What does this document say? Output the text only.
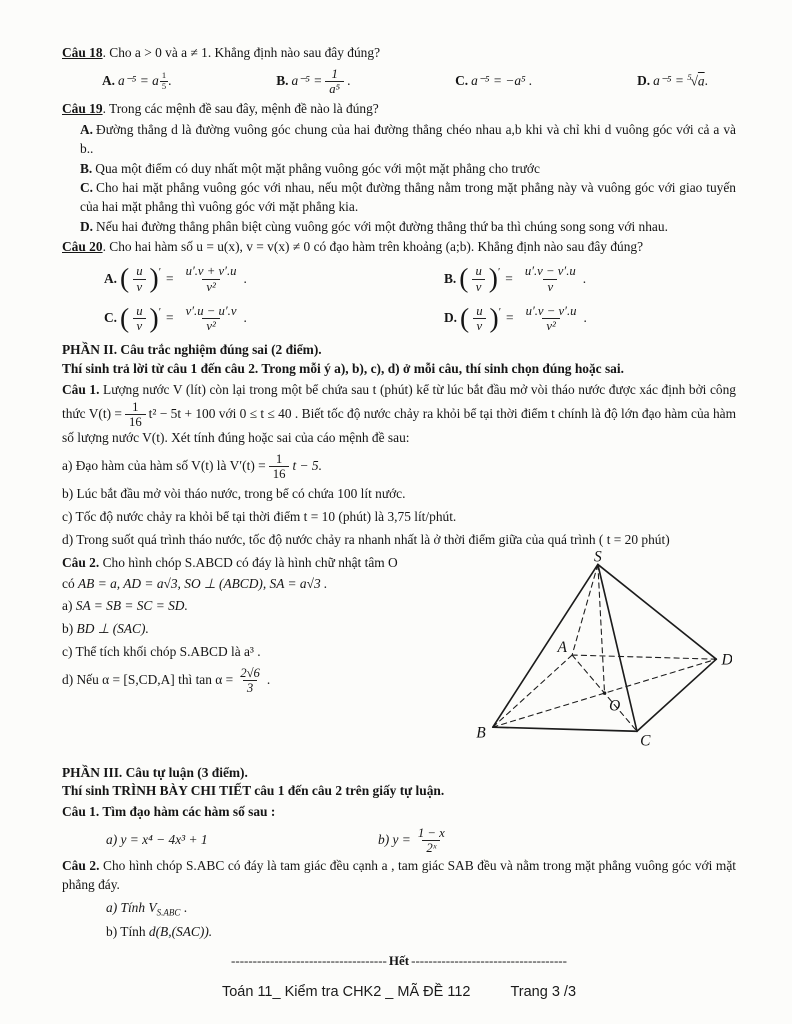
Câu 18. Cho a > 0 và a ≠ 1. Khẳng định nào sau đây đúng?

A. a⁻⁵ = a $\frac{1}{5}$ .	B. $a^{-5} = \frac{1}{\text{a⁵}}$ .	C. a⁻⁵ = −a⁵ .	D. a⁻⁵ =
$^5$√a .

Câu 19. Trong các mệnh đề sau đây, mệnh đề nào là đúng?

A. Đường thẳng d là đường vuông góc chung của hai đường thẳng chéo nhau a,b khi và chỉ khi d vuông góc với cả a và b..

B. Qua một điểm có duy nhất một mặt phẳng vuông góc với một mặt phẳng cho trước

C. Cho hai mặt phẳng vuông góc với nhau, nếu một đường thẳng nằm trong mặt phẳng này và vuông góc với giao tuyến của hai mặt phẳng thì vuông góc với mặt phẳng kia.

D. Nếu hai đường thẳng phân biệt cùng vuông góc với một đường thẳng thứ ba thì chúng song song với nhau.

Câu 20. Cho hai hàm số u = u(x), v = v(x) ≠ 0 có đạo hàm trên khoảng (a;b). Khẳng định nào sau đây đúng?

A. ( $\frac{u}{v}$ ) ′ = $\frac{u'.v + v'.u}{\text{v²}}$ .	B. ( $\frac{u}{v}$ ) ′ = $\frac{u'.v - v'.u}{v}$ .
C. ( $\frac{u}{v}$ ) ′ = $\frac{v'.u - u'.v}{\text{v²}}$ .	D. ( $\frac{u}{v}$ ) ′ = $\frac{u'.v - v'.u}{\text{v²}}$ .

PHẦN II. Câu trắc nghiệm đúng sai (2 điểm).

Thí sinh trả lời từ câu 1 đến câu 2. Trong mỗi ý a), b), c), d) ở mỗi câu, thí sinh chọn đúng hoặc sai.

Câu 1. Lượng nước V (lít) còn lại trong một bể chứa sau t (phút) kể từ lúc bắt đầu mở vòi tháo nước được xác định bởi công thức $V(t) = \frac{1}{16} t^2 - 5t + 100$ với 0 ≤ t ≤ 40 . Biết tốc độ nước chảy ra khỏi bể tại thời điểm t chính là độ lớn đạo hàm của hàm số lượng nước V(t). Xét tính đúng hoặc sai của cáo mệnh đề sau:

a) Đạo hàm của hàm số V(t) là $V'(t) = \frac{1}{16}$ t − 5.

b) Lúc bắt đầu mở vòi tháo nước, trong bể có chứa 100 lít nước.

c) Tốc độ nước chảy ra khỏi bể tại thời điểm t = 10 (phút) là 3,75 lít/phút.

d) Trong suốt quá trình tháo nước, tốc độ nước chảy ra nhanh nhất là ở thời điểm giữa của quá trình ( t = 20 phút)

Câu 2. Cho hình chóp S.ABCD có đáy là hình chữ nhật tâm O

có AB = a, AD = a√3, SO ⊥ (ABCD), SA = a√3 .

a) SA = SB = SC = SD.

b) BD ⊥ (SAC).

c) Thể tích khối chóp S.ABCD là a³ .

d) Nếu α = [S,CD,A] thì $\tan \alpha = \frac{2√6}{3}$ .
S
A
D
B	C
O

PHẦN III. Câu tự luận (3 điểm).

Thí sinh TRÌNH BÀY CHI TIẾT câu 1 đến câu 2 trên giấy tự luận.

Câu 1. Tìm đạo hàm các hàm số sau :

a) y = x⁴ − 4x³ + 1	b) $y = \frac{1 - x}{\text{2ˣ}}$

Câu 2. Cho hình chóp S.ABC có đáy là tam giác đều cạnh a , tam giác SAB đều và nằm trong mặt phẳng vuông góc với mặt phẳng đáy.

a) Tính $V_{S.ABC}$ .

b) Tính d(B,(SAC)).

------------------------------------ Hết ------------------------------------
Toán 11_ Kiểm tra CHK2 _ MÃ ĐỀ 112	Trang 3 /3
